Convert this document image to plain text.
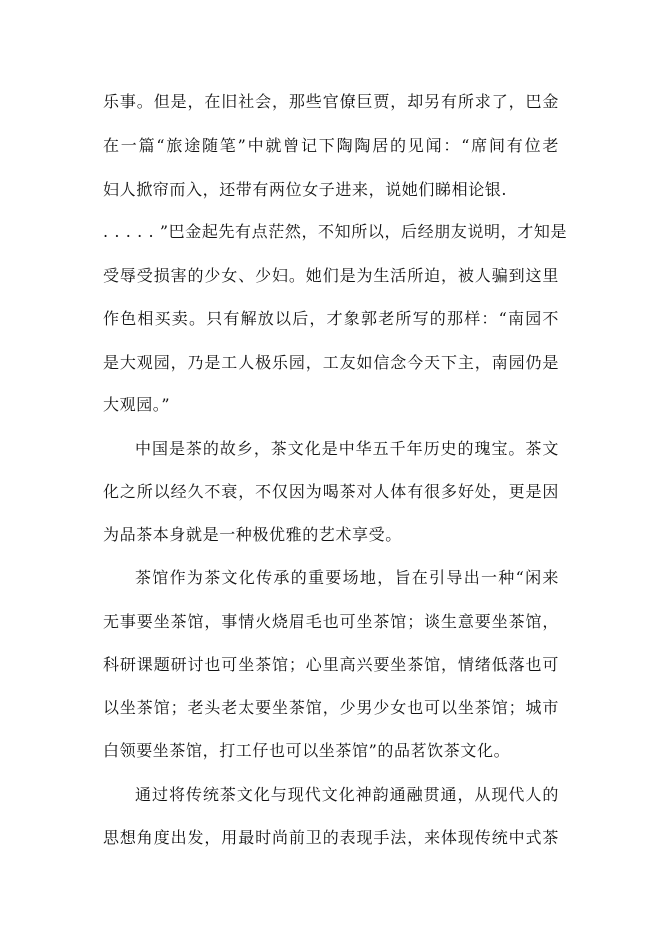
乐事。但是，在旧社会，那些官僚巨贾，却另有所求了，巴金
在一篇“旅途随笔”中就曾记下陶陶居的见闻：“席间有位老
妇人掀帘而入，还带有两位女子进来，说她们睇相论银.
. . . . . ”巴金起先有点茫然，不知所以，后经朋友说明，才知是
受辱受损害的少女、少妇。她们是为生活所迫，被人骗到这里
作色相买卖。只有解放以后，才象郭老所写的那样：“南园不
是大观园，乃是工人极乐园，工友如信念今天下主，南园仍是
大观园。”
中国是茶的故乡，茶文化是中华五千年历史的瑰宝。茶文
化之所以经久不衰，不仅因为喝茶对人体有很多好处，更是因
为品茶本身就是一种极优雅的艺术享受。
茶馆作为茶文化传承的重要场地，旨在引导出一种“闲来
无事要坐茶馆，事情火烧眉毛也可坐茶馆；谈生意要坐茶馆，
科研课题研讨也可坐茶馆；心里高兴要坐茶馆，情绪低落也可
以坐茶馆；老头老太要坐茶馆，少男少女也可以坐茶馆；城市
白领要坐茶馆，打工仔也可以坐茶馆”的品茗饮茶文化。
通过将传统茶文化与现代文化神韵通融贯通，从现代人的
思想角度出发，用最时尚前卫的表现手法，来体现传统中式茶
